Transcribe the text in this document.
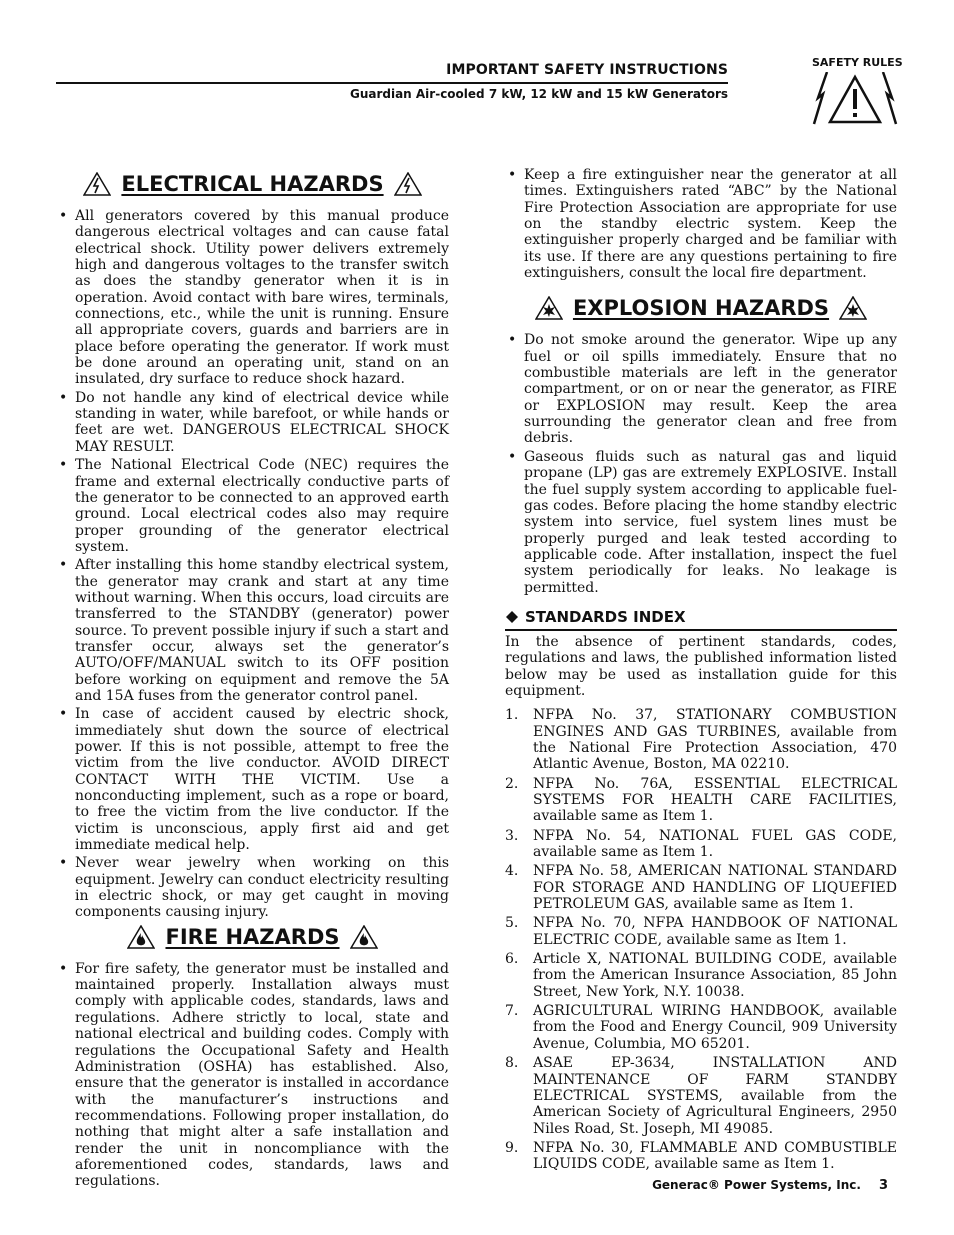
IMPORTANT SAFETY INSTRUCTIONS
Guardian Air-cooled 7 kW, 12 kW and 15 kW Generators
SAFETY RULES
ELECTRICAL HAZARDS
• All generators covered by this manual produce dangerous electrical voltages and can cause fatal electrical shock. Utility power delivers extremely high and dangerous voltages to the transfer switch as does the standby generator when it is in operation. Avoid contact with bare wires, terminals, connections, etc., while the unit is running. Ensure all appropriate covers, guards and barriers are in place before operating the generator. If work must be done around an operating unit, stand on an insulated, dry surface to reduce shock hazard.
• Do not handle any kind of electrical device while standing in water, while barefoot, or while hands or feet are wet. DANGEROUS ELECTRICAL SHOCK MAY RESULT.
• The National Electrical Code (NEC) requires the frame and external electrically conductive parts of the generator to be connected to an approved earth ground. Local electrical codes also may require proper grounding of the generator electrical system.
• After installing this home standby electrical system, the generator may crank and start at any time without warning. When this occurs, load circuits are transferred to the STANDBY (generator) power source. To prevent possible injury if such a start and transfer occur, always set the generator’s AUTO/OFF/MANUAL switch to its OFF position before working on equipment and remove the 5A and 15A fuses from the generator control panel.
• In case of accident caused by electric shock, immediately shut down the source of electrical power. If this is not possible, attempt to free the victim from the live conductor. AVOID DIRECT CONTACT WITH THE VICTIM. Use a nonconducting implement, such as a rope or board, to free the victim from the live conductor. If the victim is unconscious, apply first aid and get immediate medical help.
• Never wear jewelry when working on this equipment. Jewelry can conduct electricity resulting in electric shock, or may get caught in moving components causing injury.
FIRE HAZARDS
• For fire safety, the generator must be installed and maintained properly. Installation always must comply with applicable codes, standards, laws and regulations. Adhere strictly to local, state and national electrical and building codes. Comply with regulations the Occupational Safety and Health Administration (OSHA) has established. Also, ensure that the generator is installed in accordance with the manufacturer’s instructions and recommendations. Following proper installation, do nothing that might alter a safe installation and render the unit in noncompliance with the aforementioned codes, standards, laws and regulations.
• Keep a fire extinguisher near the generator at all times. Extinguishers rated “ABC” by the National Fire Protection Association are appropriate for use on the standby electric system. Keep the extinguisher properly charged and be familiar with its use. If there are any questions pertaining to fire extinguishers, consult the local fire department.
EXPLOSION HAZARDS
• Do not smoke around the generator. Wipe up any fuel or oil spills immediately. Ensure that no combustible materials are left in the generator compartment, or on or near the generator, as FIRE or EXPLOSION may result. Keep the area surrounding the generator clean and free from debris.
• Gaseous fluids such as natural gas and liquid propane (LP) gas are extremely EXPLOSIVE. Install the fuel supply system according to applicable fuel-gas codes. Before placing the home standby electric system into service, fuel system lines must be properly purged and leak tested according to applicable code. After installation, inspect the fuel system periodically for leaks. No leakage is permitted.
STANDARDS INDEX
In the absence of pertinent standards, codes, regulations and laws, the published information listed below may be used as installation guide for this equipment.
1. NFPA No. 37, STATIONARY COMBUSTION ENGINES AND GAS TURBINES, available from the National Fire Protection Association, 470 Atlantic Avenue, Boston, MA 02210.
2. NFPA No. 76A, ESSENTIAL ELECTRICAL SYSTEMS FOR HEALTH CARE FACILITIES, available same as Item 1.
3. NFPA No. 54, NATIONAL FUEL GAS CODE, available same as Item 1.
4. NFPA No. 58, AMERICAN NATIONAL STANDARD FOR STORAGE AND HANDLING OF LIQUEFIED PETROLEUM GAS, available same as Item 1.
5. NFPA No. 70, NFPA HANDBOOK OF NATIONAL ELECTRIC CODE, available same as Item 1.
6. Article X, NATIONAL BUILDING CODE, available from the American Insurance Association, 85 John Street, New York, N.Y. 10038.
7. AGRICULTURAL WIRING HANDBOOK, available from the Food and Energy Council, 909 University Avenue, Columbia, MO 65201.
8. ASAE EP-3634, INSTALLATION AND MAINTENANCE OF FARM STANDBY ELECTRICAL SYSTEMS, available from the American Society of Agricultural Engineers, 2950 Niles Road, St. Joseph, MI 49085.
9. NFPA No. 30, FLAMMABLE AND COMBUSTIBLE LIQUIDS CODE, available same as Item 1.
Generac® Power Systems, Inc. 3
